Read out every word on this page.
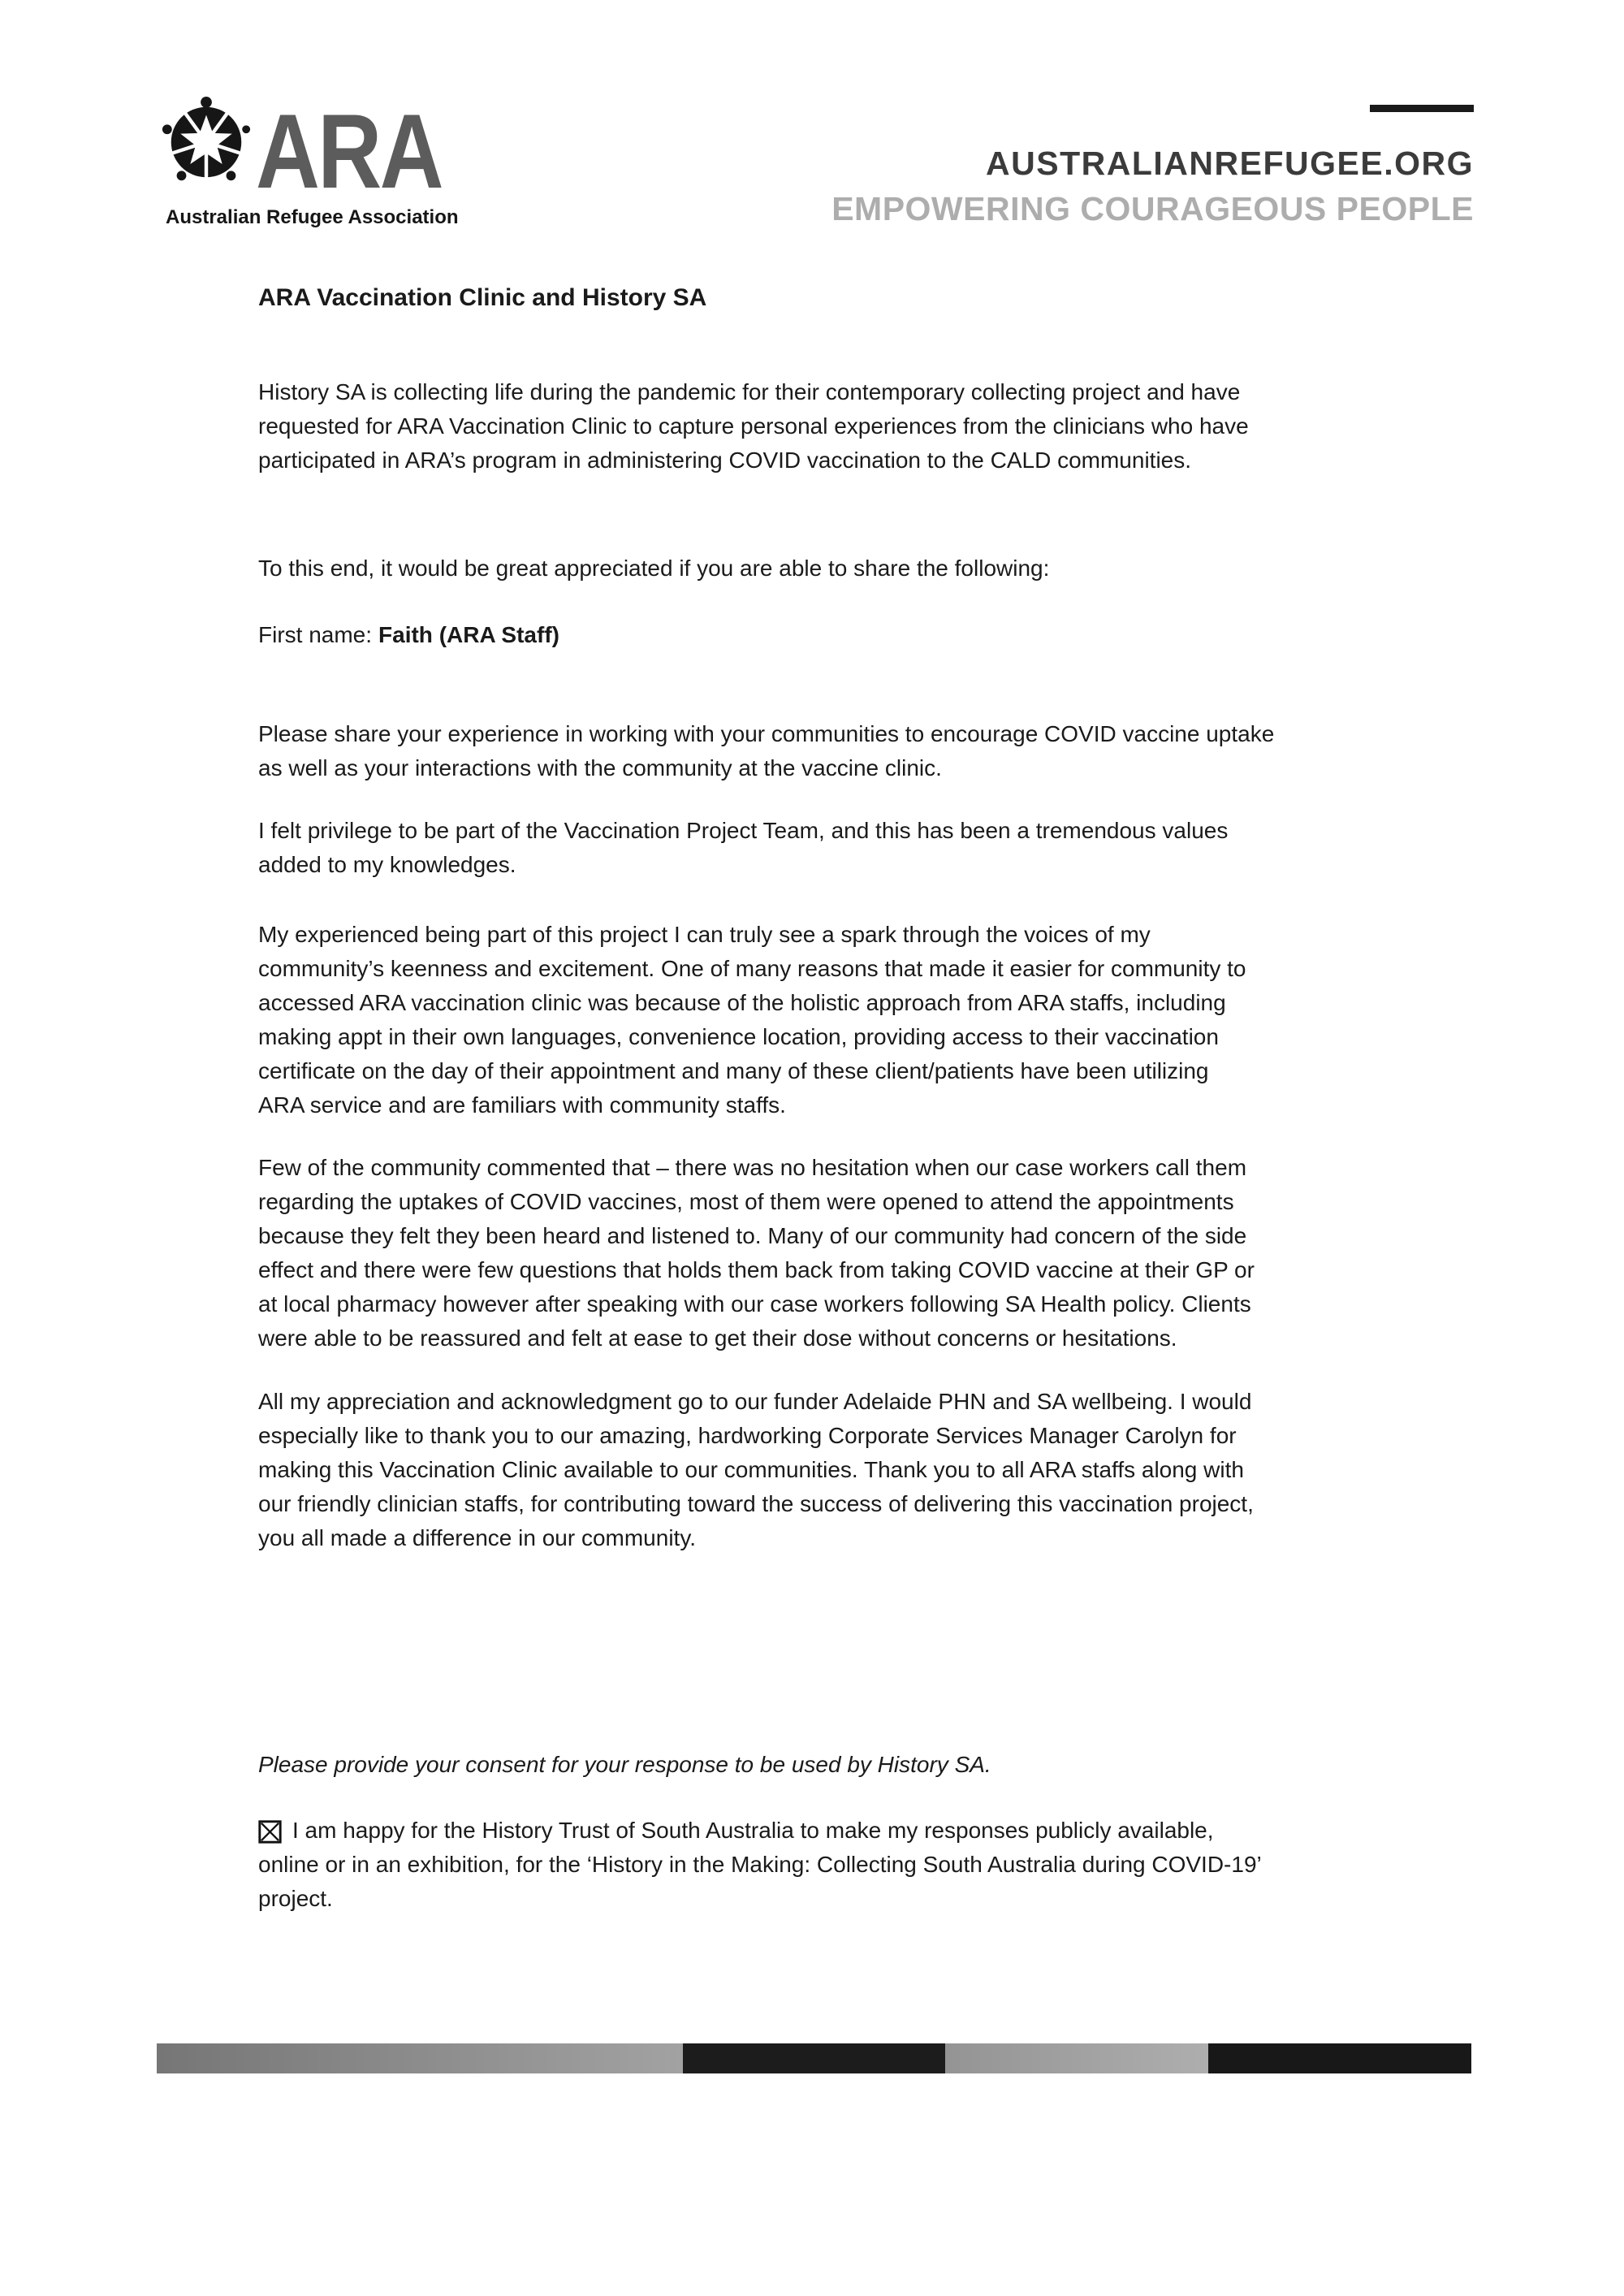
ARA
Australian Refugee Association
AUSTRALIANREFUGEE.ORG
EMPOWERING COURAGEOUS PEOPLE
ARA Vaccination Clinic and History SA
History SA is collecting life during the pandemic for their contemporary collecting project and have
requested for ARA Vaccination Clinic to capture personal experiences from the clinicians who have
participated in ARA’s program in administering COVID vaccination to the CALD communities.
To this end, it would be great appreciated if you are able to share the following:
First name: Faith (ARA Staff)
Please share your experience in working with your communities to encourage COVID vaccine uptake
as well as your interactions with the community at the vaccine clinic.
I felt privilege to be part of the Vaccination Project Team, and this has been a tremendous values
added to my knowledges.
My experienced being part of this project I can truly see a spark through the voices of my
community’s keenness and excitement. One of many reasons that made it easier for community to
accessed ARA vaccination clinic was because of the holistic approach from ARA staffs, including
making appt in their own languages, convenience location, providing access to their vaccination
certificate on the day of their appointment and many of these client/patients have been utilizing
ARA service and are familiars with community staffs.
Few of the community commented that – there was no hesitation when our case workers call them
regarding the uptakes of COVID vaccines, most of them were opened to attend the appointments
because they felt they been heard and listened to. Many of our community had concern of the side
effect and there were few questions that holds them back from taking COVID vaccine at their GP or
at local pharmacy however after speaking with our case workers following SA Health policy. Clients
were able to be reassured and felt at ease to get their dose without concerns or hesitations.
All my appreciation and acknowledgment go to our funder Adelaide PHN and SA wellbeing. I would
especially like to thank you to our amazing, hardworking Corporate Services Manager Carolyn for
making this Vaccination Clinic available to our communities. Thank you to all ARA staffs along with
our friendly clinician staffs, for contributing toward the success of delivering this vaccination project,
you all made a difference in our community.
Please provide your consent for your response to be used by History SA.
I am happy for the History Trust of South Australia to make my responses publicly available,
online or in an exhibition, for the ‘History in the Making: Collecting South Australia during COVID-19’
project.
